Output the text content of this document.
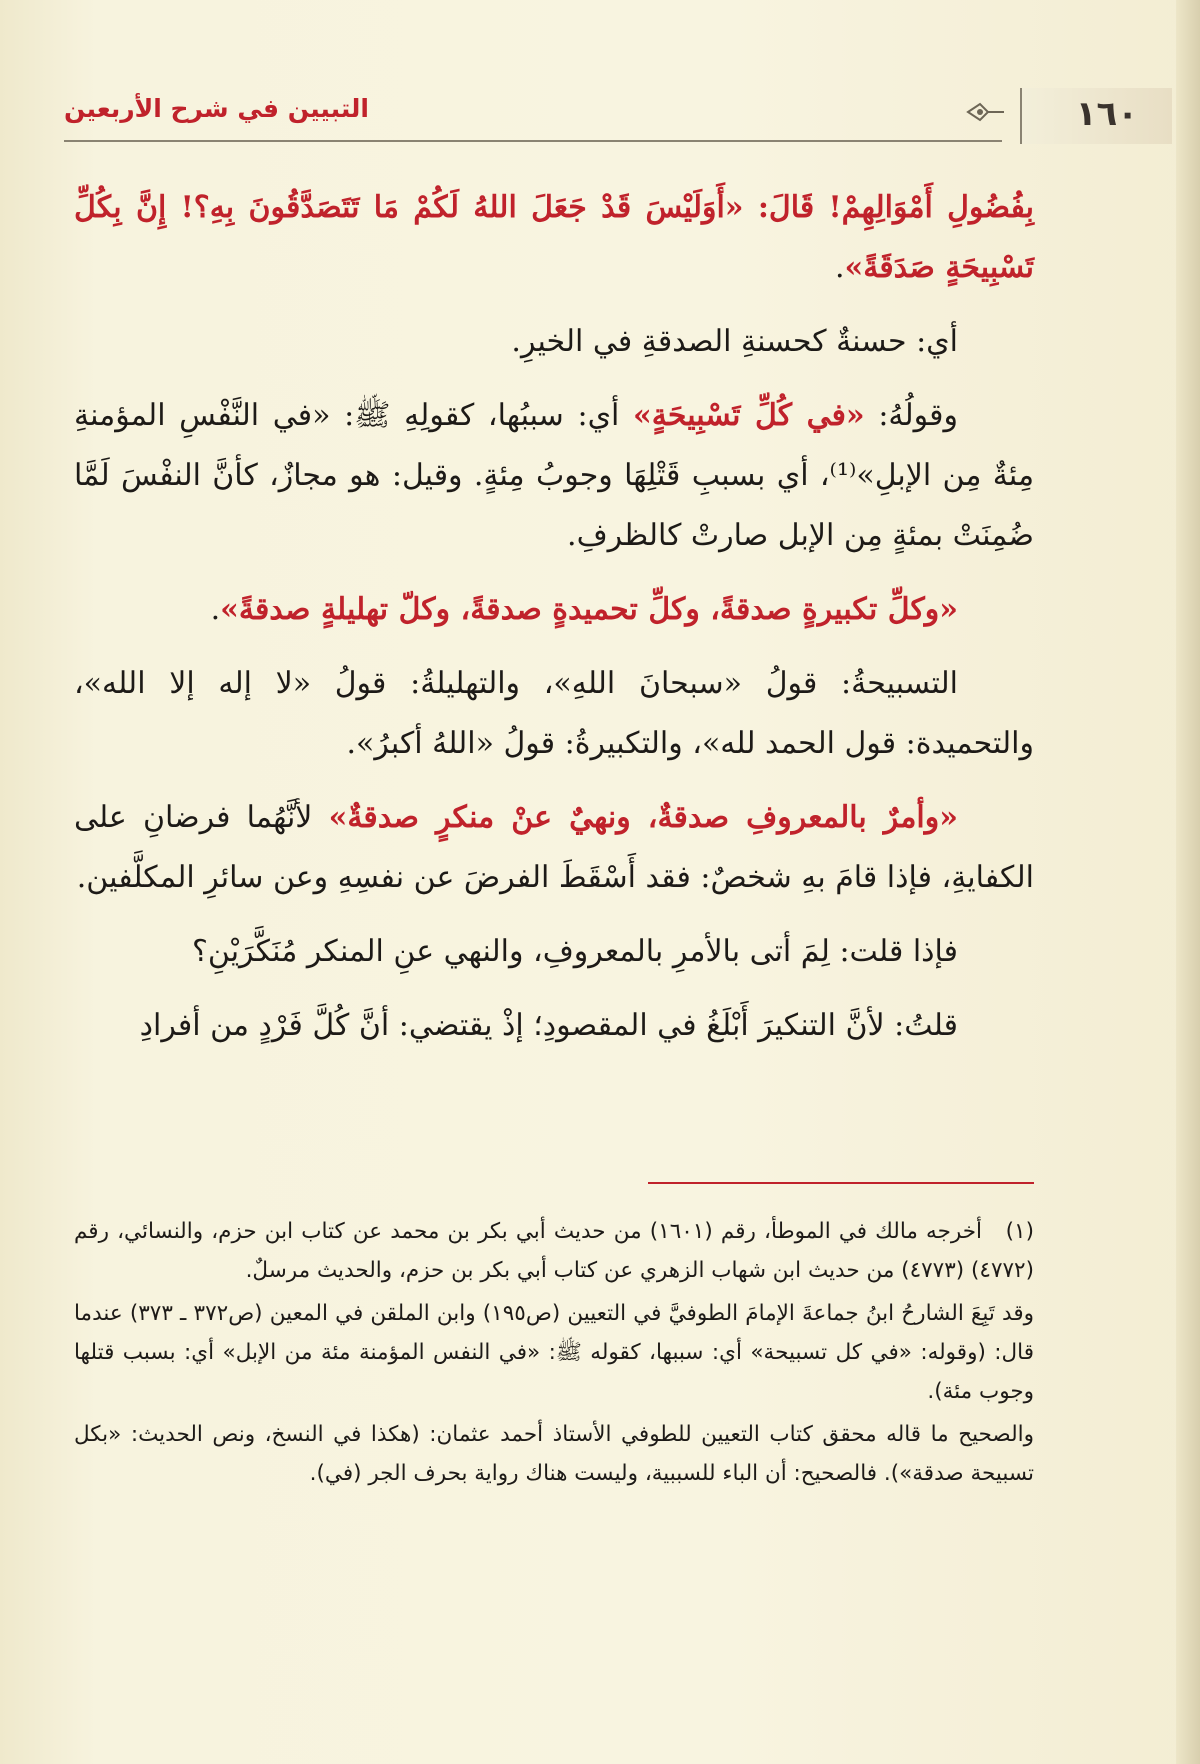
١٦٠
التبيين في شرح الأربعين

بِفُضُولِ أَمْوَالِهِمْ! قَالَ: «أَوَلَيْسَ قَدْ جَعَلَ اللهُ لَكُمْ مَا تَتَصَدَّقُونَ بِهِ؟! إِنَّ بِكُلِّ تَسْبِيحَةٍ صَدَقَةً».

أي: حسنةٌ كحسنةِ الصدقةِ في الخيرِ.

وقولُهُ: «في كُلِّ تَسْبِيحَةٍ» أي: سببُها، كقولِهِ ﷺ: «في النَّفْسِ المؤمنةِ مِئةٌ مِن الإبلِ»⁽¹⁾، أي بسببِ قَتْلِهَا وجوبُ مِئةٍ. وقيل: هو مجازٌ، كأنَّ النفْسَ لَمَّا ضُمِنَتْ بمئةٍ مِن الإبل صارتْ كالظرفِ.

«وكلِّ تكبيرةٍ صدقةً، وكلِّ تحميدةٍ صدقةً، وكلّ تهليلةٍ صدقةً».

التسبيحةُ: قولُ «سبحانَ اللهِ»، والتهليلةُ: قولُ «لا إله إلا الله»، والتحميدة: قول الحمد لله»، والتكبيرةُ: قولُ «اللهُ أكبرُ».

«وأمرٌ بالمعروفِ صدقةٌ، ونهيٌ عنْ منكرٍ صدقةٌ» لأنَّهُما فرضانِ على الكفايةِ، فإذا قامَ بهِ شخصٌ: فقد أَسْقَطَ الفرضَ عن نفسِهِ وعن سائرِ المكلَّفين.

فإذا قلت: لِمَ أتى بالأمرِ بالمعروفِ، والنهي عنِ المنكر مُنَكَّرَيْنِ؟

قلتُ: لأنَّ التنكيرَ أَبْلَغُ في المقصودِ؛ إذْ يقتضي: أنَّ كُلَّ فَرْدٍ من أفرادِ

(١)أخرجه مالك في الموطأ، رقم (١٦٠١) من حديث أبي بكر بن محمد عن كتاب ابن حزم، والنسائي، رقم (٤٧٧٢) (٤٧٧٣) من حديث ابن شهاب الزهري عن كتاب أبي بكر بن حزم، والحديث مرسلٌ.

وقد تَبِعَ الشارحُ ابنُ جماعةَ الإمامَ الطوفيَّ في التعيين (ص١٩٥) وابن الملقن في المعين (ص٣٧٢ ـ ٣٧٣) عندما قال: (وقوله: «في كل تسبيحة» أي: سببها، كقوله ﷺ: «في النفس المؤمنة مئة من الإبل» أي: بسبب قتلها وجوب مئة).

والصحيح ما قاله محقق كتاب التعيين للطوفي الأستاذ أحمد عثمان: (هكذا في النسخ، ونص الحديث: «بكل تسبيحة صدقة»). فالصحيح: أن الباء للسببية، وليست هناك رواية بحرف الجر (في).
